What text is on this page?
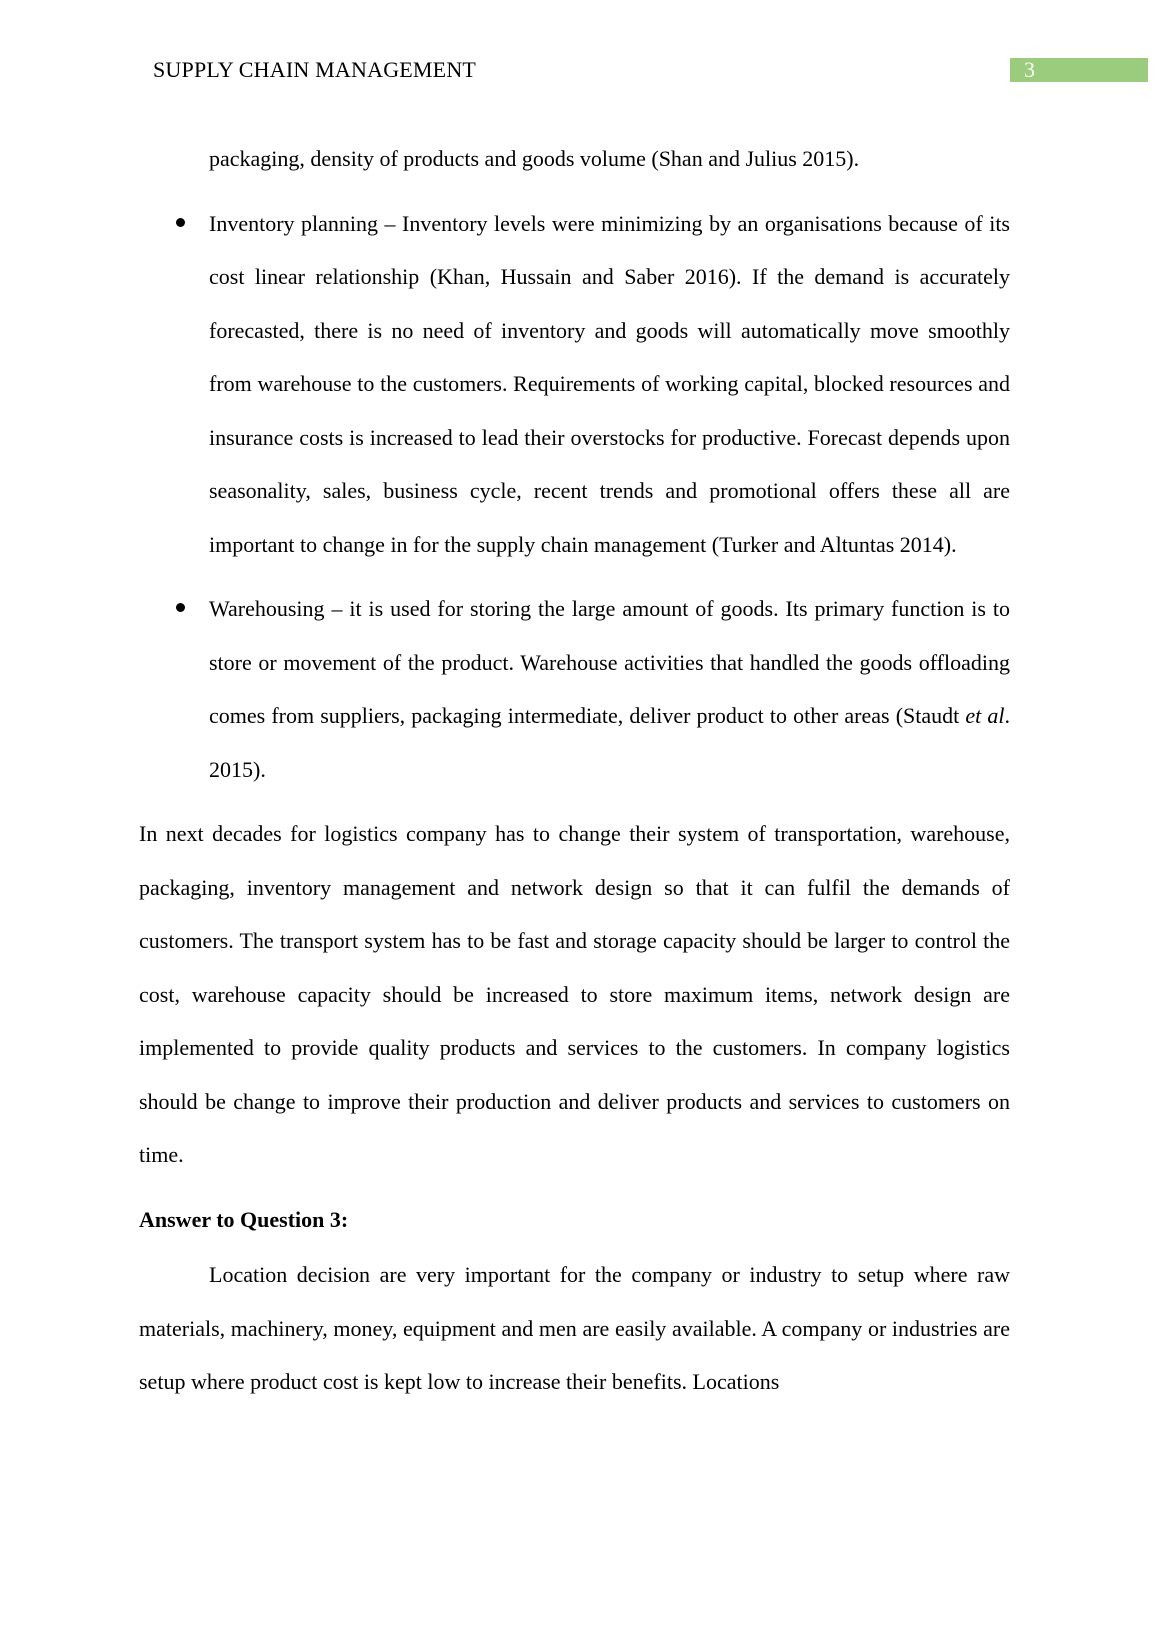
SUPPLY CHAIN MANAGEMENT	3

packaging, density of products and goods volume (Shan and Julius 2015).

Inventory planning – Inventory levels were minimizing by an organisations because of its cost linear relationship (Khan, Hussain and Saber 2016). If the demand is accurately forecasted, there is no need of inventory and goods will automatically move smoothly from warehouse to the customers. Requirements of working capital, blocked resources and insurance costs is increased to lead their overstocks for productive. Forecast depends upon seasonality, sales, business cycle, recent trends and promotional offers these all are important to change in for the supply chain management (Turker and Altuntas 2014).

Warehousing – it is used for storing the large amount of goods. Its primary function is to store or movement of the product. Warehouse activities that handled the goods offloading comes from suppliers, packaging intermediate, deliver product to other areas (Staudt et al. 2015).

In next decades for logistics company has to change their system of transportation, warehouse, packaging, inventory management and network design so that it can fulfil the demands of customers. The transport system has to be fast and storage capacity should be larger to control the cost, warehouse capacity should be increased to store maximum items, network design are implemented to provide quality products and services to the customers. In company logistics should be change to improve their production and deliver products and services to customers on time.

Answer to Question 3:

Location decision are very important for the company or industry to setup where raw materials, machinery, money, equipment and men are easily available. A company or industries are setup where product cost is kept low to increase their benefits. Locations
